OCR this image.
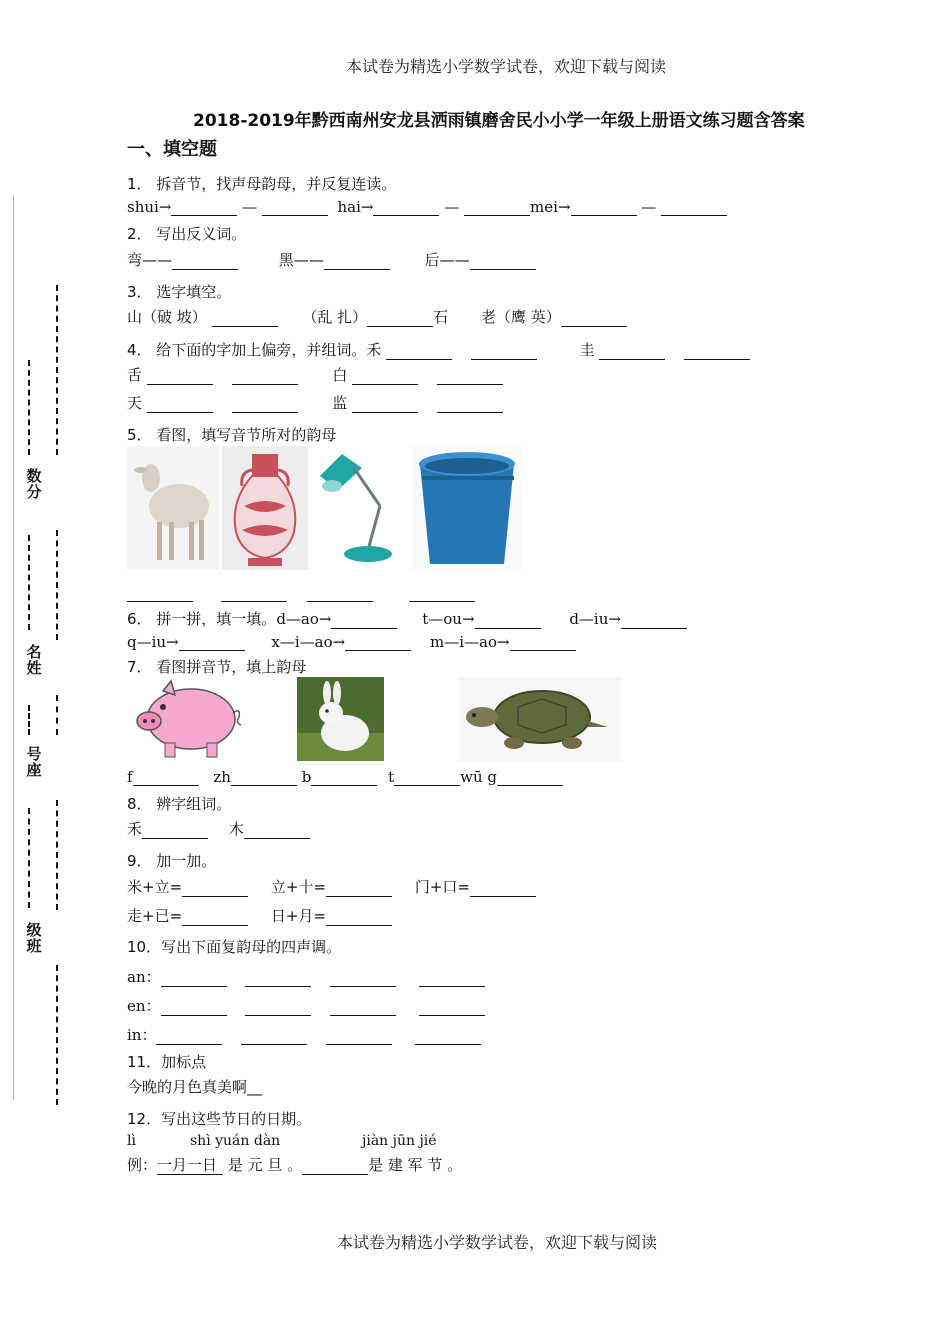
本试卷为精选小学数学试卷，欢迎下载与阅读
2018-2019年黔西南州安龙县洒雨镇磨舍民小小学一年级上册语文练习题含答案
一、填空题
数分
名姓
号座
级班
1． 拆音节，找声母韵母，并反复连读。
shui→	—	hai→	—	mei→	—
2． 写出反义词。
弯——	黑——	后——
3． 选字填空。
山（破 坡）	（乱 扎）	石 老（鹰 英）
4． 给下面的字加上偏旁，并组词。禾	圭
舌	白
天	监
5． 看图，填写音节所对的韵母
6． 拼一拼，填一填。d—ao→	t—ou→	d—iu→
q—iu→	x—i—ao→	m—i—ao→
7． 看图拼音节，填上韵母
f	zh	b	t	wū g
8． 辨字组词。
禾	木
9． 加一加。
米+立=	立+十=	门+口=
走+已=	日+月=
10．写出下面复韵母的四声调。
an：
en：
in：
11．加标点
今晚的月色真美啊__
12．写出这些节日的日期。
lì	shì yuán dàn	jiàn jūn jié
例：一月一日 是 元 旦 。	是 建 军 节 。
本试卷为精选小学数学试卷，欢迎下载与阅读
